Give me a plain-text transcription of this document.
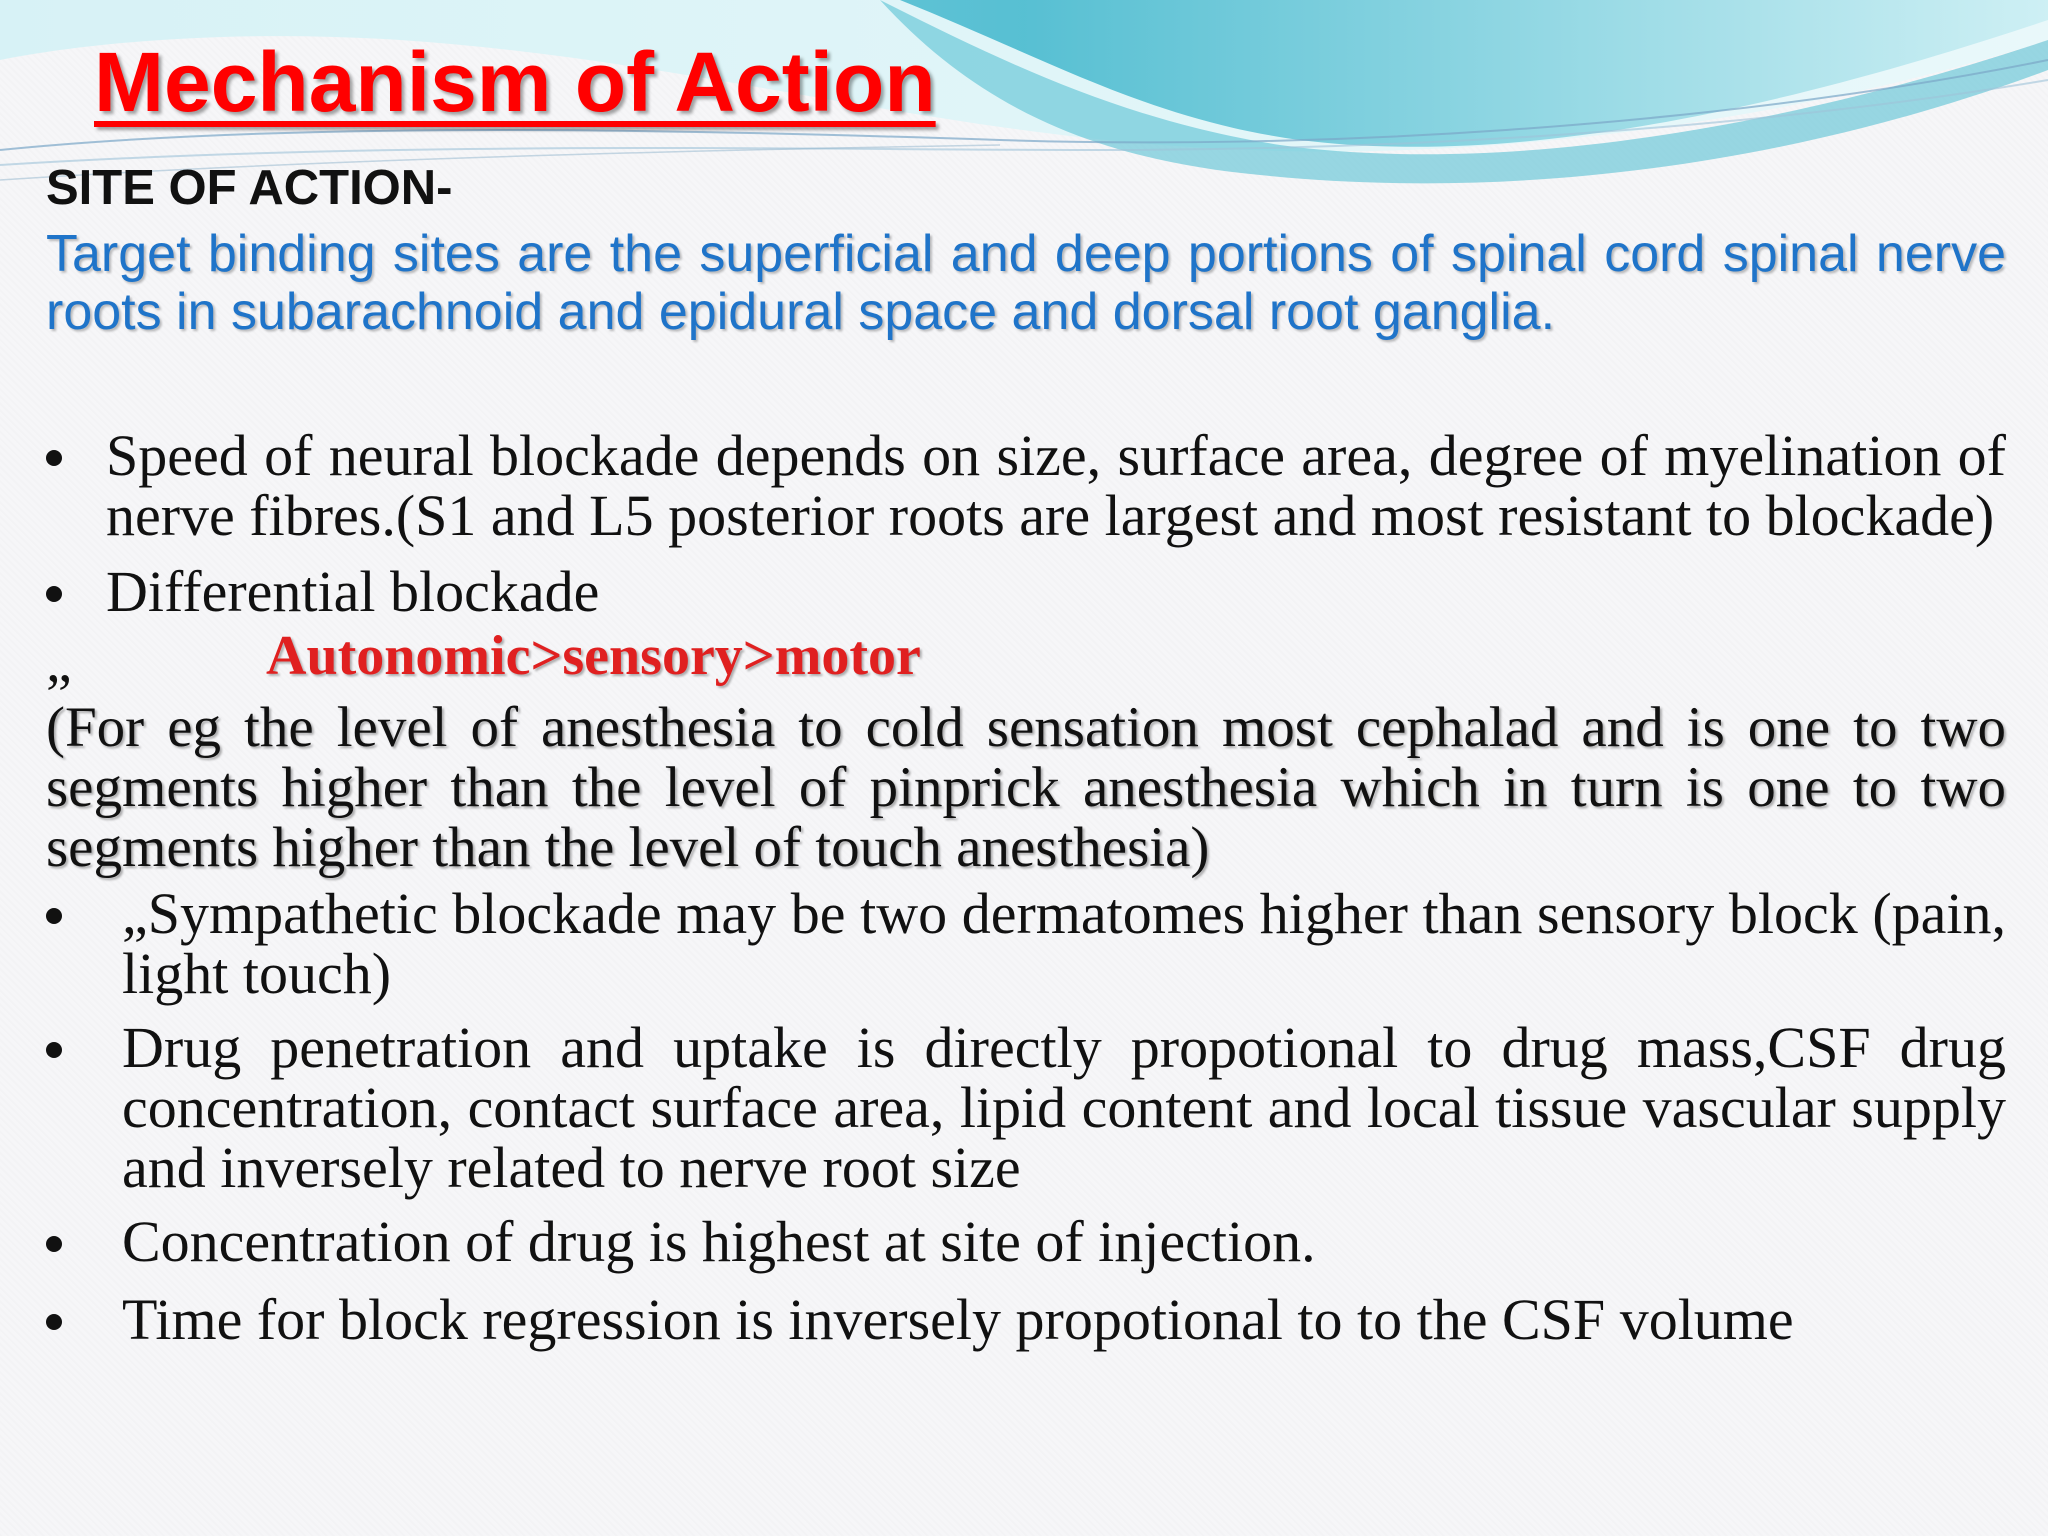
Mechanism of Action
SITE OF ACTION-
Target binding sites are the superficial and deep portions of spinal cord spinal nerve roots in subarachnoid and epidural space and dorsal root ganglia.
Speed of neural blockade depends on size, surface area, degree of myelination of nerve fibres.(S1 and L5 posterior roots are largest and most resistant to blockade)
Differential blockade
„	Autonomic>sensory>motor
(For eg the level of anesthesia to cold sensation most cephalad and is one to two segments higher than the level of pinprick anesthesia which in turn is one to two segments higher than the level of touch anesthesia)
„Sympathetic blockade may be two dermatomes higher than sensory block (pain, light touch)
Drug penetration and uptake is directly propotional to drug mass,CSF drug concentration, contact surface area, lipid content and local tissue vascular supply and inversely related to nerve root size
Concentration of drug is highest at site of injection.
Time for block regression is inversely propotional to to the CSF volume
